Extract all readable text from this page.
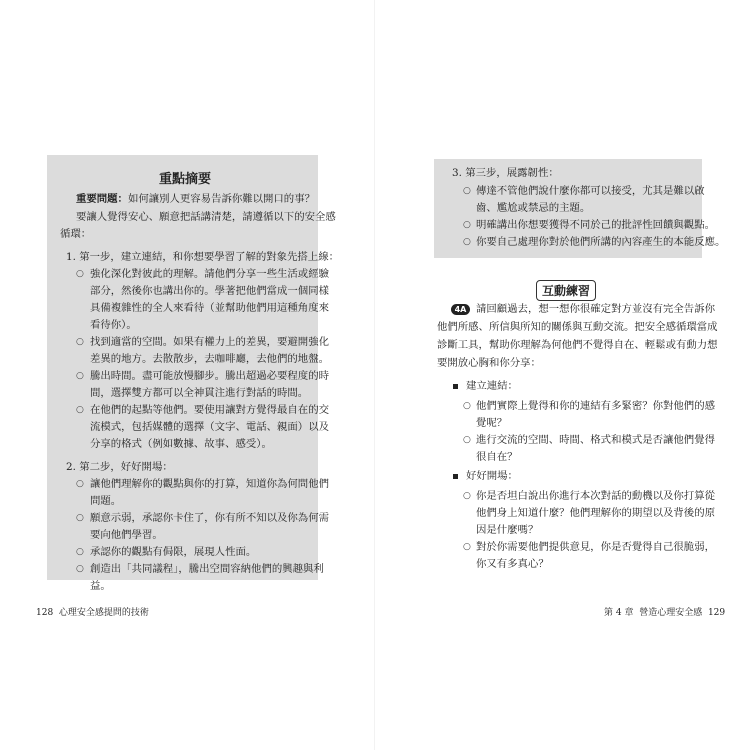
重點摘要
重要問題：如何讓別人更容易告訴你難以開口的事？
要讓人覺得安心、願意把話講清楚，請遵循以下的安全感
循環：
1. 第一步，建立連結，和你想要學習了解的對象先搭上線：
○ 強化深化對彼此的理解。請他們分享一些生活或經驗
部分，然後你也講出你的。學著把他們當成一個同樣
具備複雜性的全人來看待（並幫助他們用這種角度來
看待你）。
○ 找到適當的空間。如果有權力上的差異，要避開強化
差異的地方。去散散步，去咖啡廳，去他們的地盤。
○ 騰出時間。盡可能放慢腳步。騰出超過必要程度的時
間，選擇雙方都可以全神貫注進行對話的時間。
○ 在他們的起點等他們。要使用讓對方覺得最自在的交
流模式，包括媒體的選擇（文字、電話、親面）以及
分享的格式（例如數據、故事、感受）。
2. 第二步，好好開場：
○ 讓他們理解你的觀點與你的打算，知道你為何問他們
問題。
○ 願意示弱，承認你卡住了，你有所不知以及你為何需
要向他們學習。
○ 承認你的觀點有侷限，展現人性面。
○ 創造出「共同議程」，騰出空間容納他們的興趣與利
益。
128 心理安全感提問的技術
3. 第三步，展露韌性：
○ 傳達不管他們說什麼你都可以接受，尤其是難以啟
齒、尷尬或禁忌的主題。
○ 明確講出你想要獲得不同於己的批評性回饋與觀點。
○ 你要自己處理你對於他們所講的內容產生的本能反應。
互動練習
4A 請回顧過去，想一想你很確定對方並沒有完全告訴你
他們所感、所信與所知的關係與互動交流。把安全感循環當成
診斷工具，幫助你理解為何他們不覺得自在、輕鬆或有動力想
要開放心胸和你分享：
建立連結：
○ 他們實際上覺得和你的連結有多緊密？你對他們的感
覺呢？
○ 進行交流的空間、時間、格式和模式是否讓他們覺得
很自在？
好好開場：
○ 你是否坦白說出你進行本次對話的動機以及你打算從
他們身上知道什麼？他們理解你的期望以及背後的原
因是什麼嗎？
○ 對於你需要他們提供意見，你是否覺得自己很脆弱，
你又有多真心？
第 4 章 營造心理安全感 129
